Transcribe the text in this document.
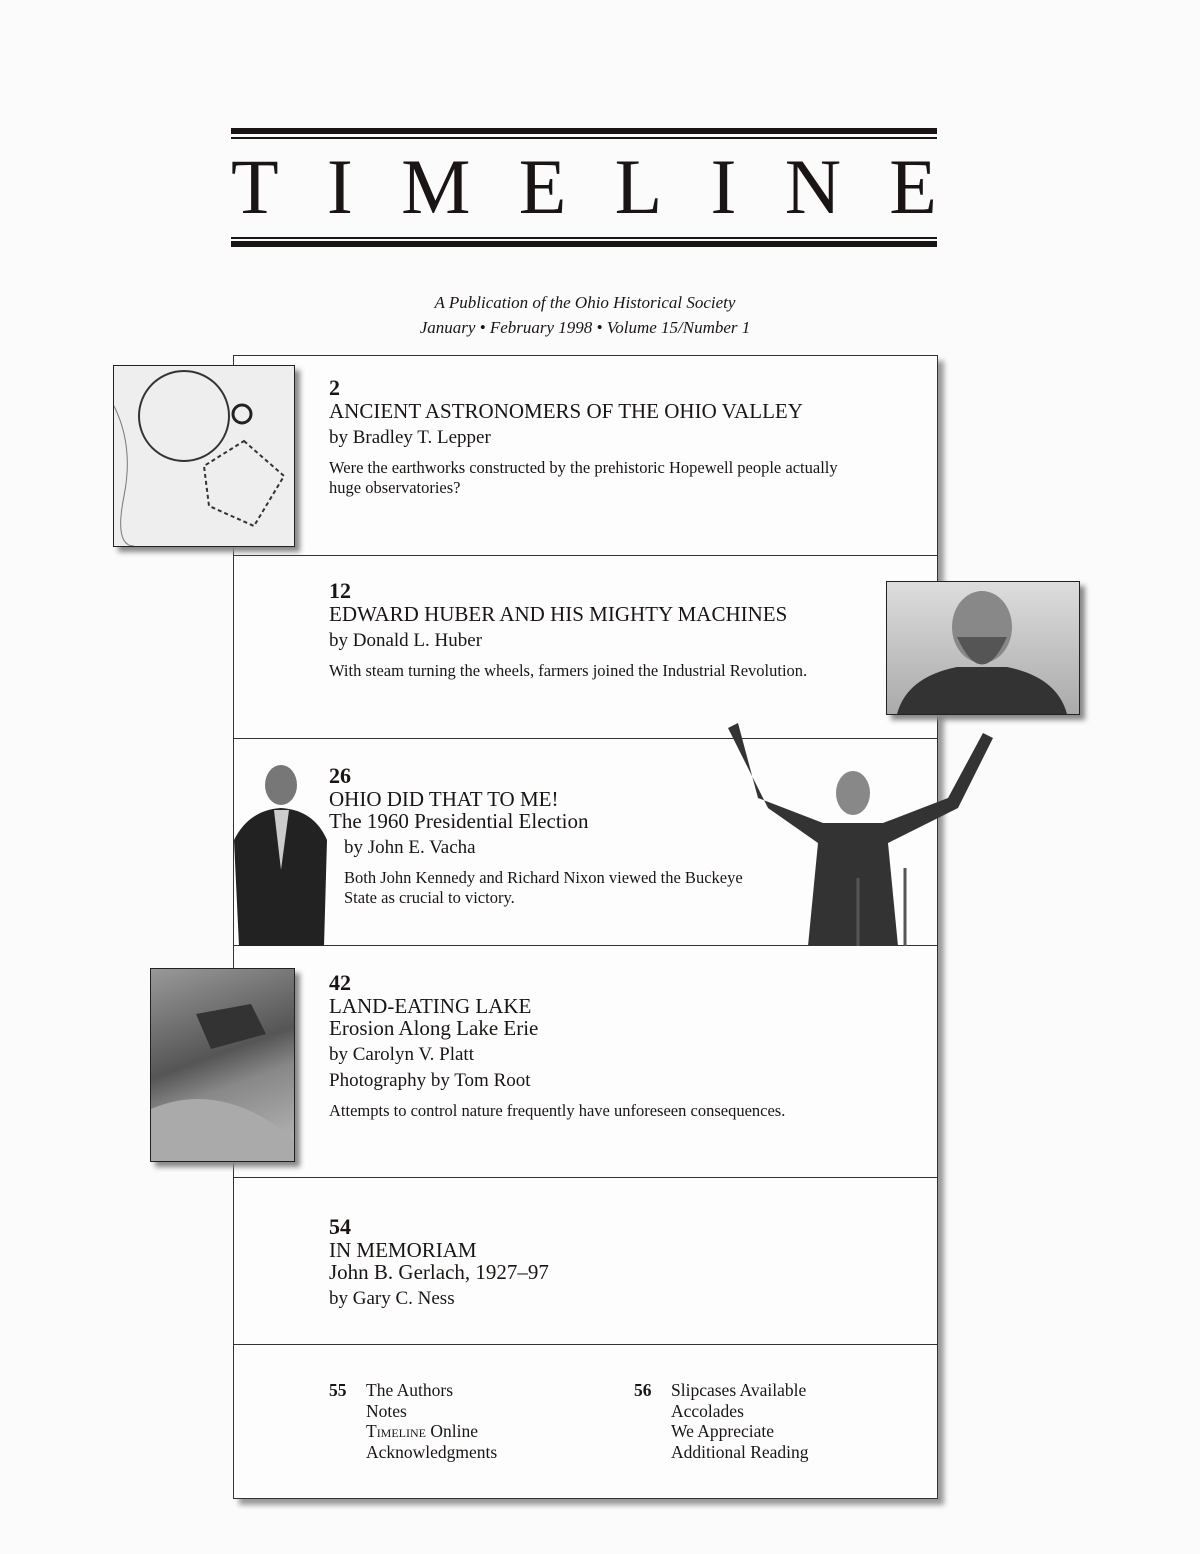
T I M E L I N E
A Publication of the Ohio Historical Society
January • February 1998 • Volume 15/Number 1
2
ANCIENT ASTRONOMERS OF THE OHIO VALLEY
by Bradley T. Lepper
Were the earthworks constructed by the prehistoric Hopewell people actually huge observatories?
12
EDWARD HUBER AND HIS MIGHTY MACHINES
by Donald L. Huber
With steam turning the wheels, farmers joined the Industrial Revolution.
26
OHIO DID THAT TO ME!
The 1960 Presidential Election
by John E. Vacha
Both John Kennedy and Richard Nixon viewed the Buckeye State as crucial to victory.
42
LAND-EATING LAKE
Erosion Along Lake Erie
by Carolyn V. Platt
Photography by Tom Root
Attempts to control nature frequently have unforeseen consequences.
54
IN MEMORIAM
John B. Gerlach, 1927–97
by Gary C. Ness
55	The Authors
Notes
Timeline Online
Acknowledgments
56	Slipcases Available
Accolades
We Appreciate
Additional Reading
